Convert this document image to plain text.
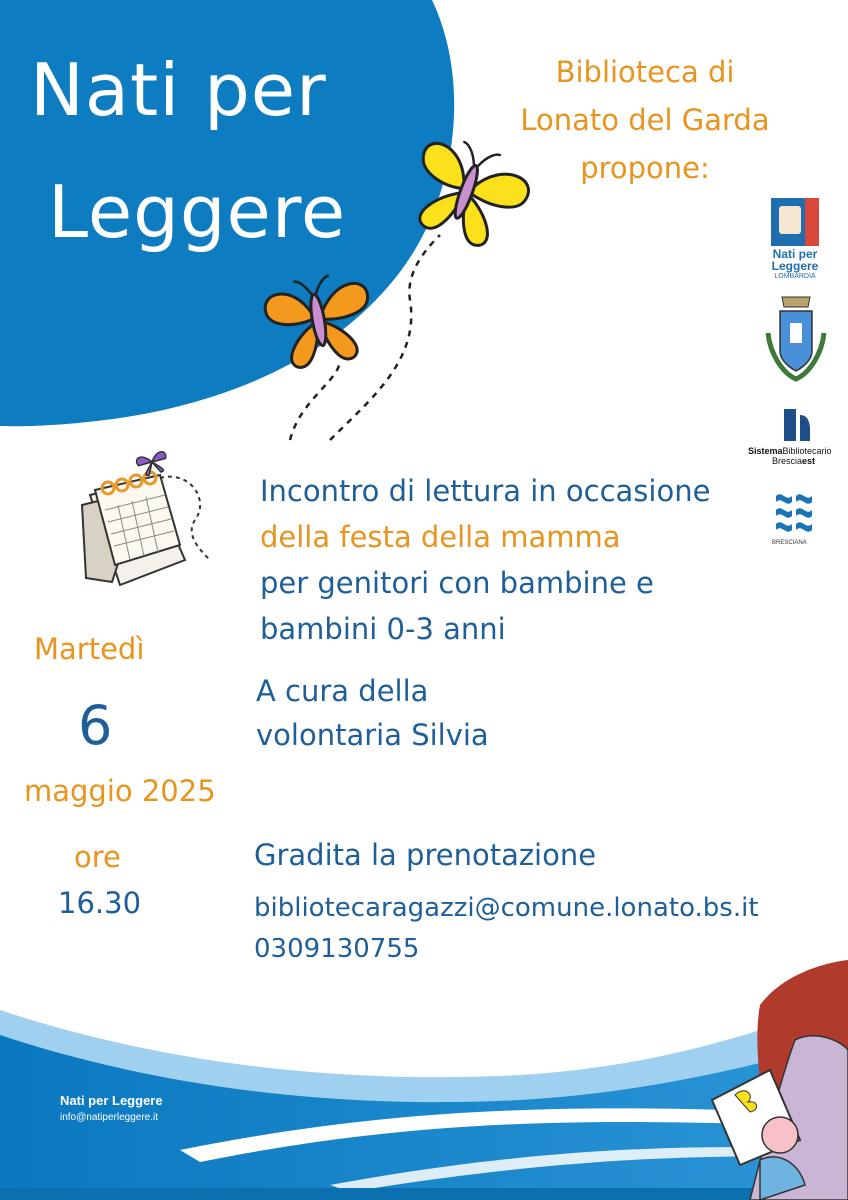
Nati per
Leggere
Biblioteca di
Lonato del Garda
propone:
Nati per
Leggere
LOMBARDIA
SistemaBibliotecario
Bresciaest
BRESCIANA
Incontro di lettura in occasione
della festa della mamma
per genitori con bambine e
bambini 0-3 anni
A cura della
volontaria Silvia
Martedì
6
maggio 2025
ore
16.30
Gradita la prenotazione
bibliotecaragazzi@comune.lonato.bs.it
0309130755
Nati per Leggere
info@natiperleggere.it
